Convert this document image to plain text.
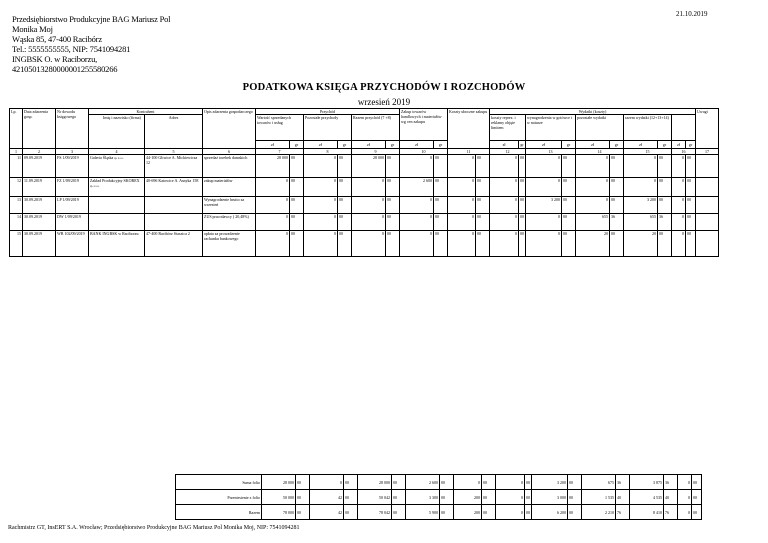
21.10.2019
Przedsiębiorstwo Produkcyjne BAG Mariusz Pol
Monika Moj
Wąska 85, 47-400 Racibórz
Tel.: 5555555555, NIP: 7541094281
INGBSK O. w Raciborzu,
42105013280000001255580266
PODATKOWA KSIĘGA PRZYCHODÓW I ROZCHODÓW
wrzesień 2019
Lp.	Data zdarzenia gosp.	Nr dowodu księgowego	Kontrahent		Opis zdarzenia gospodarczego	Przychód						Zakup towarów handlowych i materiałów wg cen zakupu		Koszty uboczne zakupu		Wydatki (koszty)										Uwagi
			Imię i nazwisko (firma)	Adres		Wartość sprzedanych towarów i usług		Pozostałe przychody		Razem przychód (7 +8)						koszty reprez. i reklamy objęte limitem		wynagrodzenia w gotówce i w naturze		pozostałe wydatki		razem wydatki (12+13+14)				
						zł	gr	zł	gr	zł	gr	zł	gr			zł	gr	zł	gr	zł	gr	zł	gr	zł	gr	
1	2	3	4	5	6	7		8		9		10		11		12		13		14		15		16		17
11	09.09.2019	FS 1/09/2019	Galeria Śląska sp. z o.o.	44-100 Gliwice A. Mickiewicza 12	sprzedaż torebek damskich	28 000	00	0	00	28 000	00	0	00	0	00	0	00	0	00	0	00	0	00	0	00	
12	11.09.2019	FZ 1/09/2019	Zakład Produkcyjny SKOREX sp. z o.o.	40-696 Katowice A. Asnyka 158	zakup materiałów	0	00	0	00	0	00	2 600	00	0	00	0	00	0	00	0	00	0	00	0	00	
13	30.09.2019	LP 1/09/2019			Wynagrodzenie brutto za wrzesień	0	00	0	00	0	00	0	00	0	00	0	00	3 200	00	0	00	3 200	00	0	00	
14	30.09.2019	DW 1/09/2019			ZUS pracodawcy ( 20,48%)	0	00	0	00	0	00	0	00	0	00	0	00	0	00	655	36	655	36	0	00	
15	30.09.2019	WB 102/09/2019	BANK INGBSK w Raciborzu	47-400 Racibórz Staszica 2	opłata za prowadzenie rachunku bankowego	0	00	0	00	0	00	0	00	0	00	0	00	0	00	20	00	20	00	0	00	
Suma folio	28 000	00	0	00	28 000	00	2 600	00	0	00	0	00	3 200	00	675	36	3 875	36	0	00
Przeniesienie z folio	50 000	00	42	00	50 042	00	3 300	00	200	00	0	00	3 000	00	1 535	40	4 535	40	0	00
Razem	78 000	00	42	00	78 042	00	5 900	00	200	00	0	00	6 200	00	2 210	76	8 410	76	0	00
Rachmistrz GT, InsERT S.A. Wrocław; Przedsiębiorstwo Produkcyjne BAG Mariusz Pol Monika Moj, NIP: 7541094281
